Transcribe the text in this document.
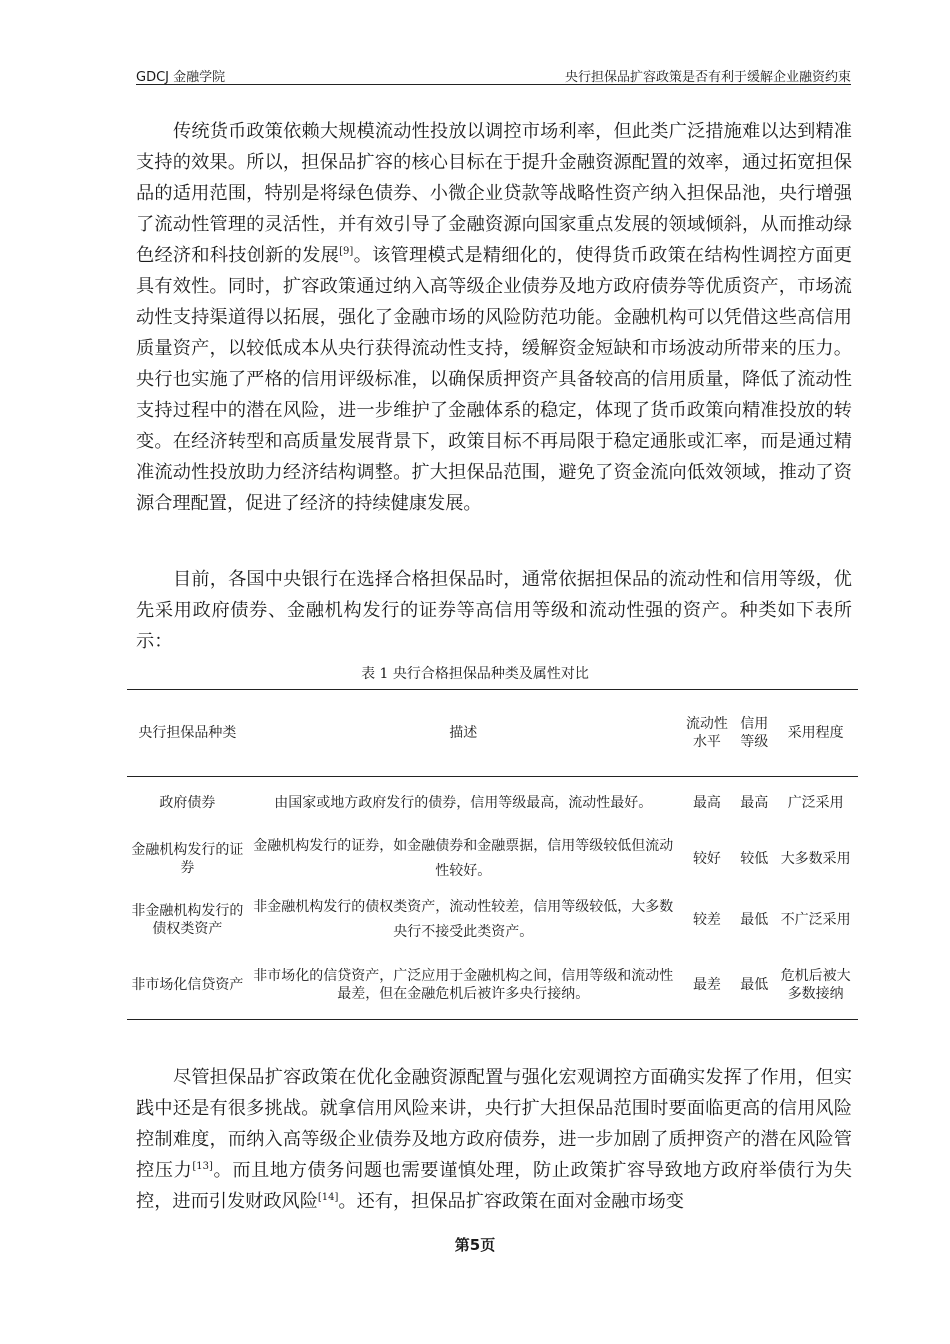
GDCJ 金融学院	央行担保品扩容政策是否有利于缓解企业融资约束

传统货币政策依赖大规模流动性投放以调控市场利率，但此类广泛措施难以达到精准支持的效果。所以，担保品扩容的核心目标在于提升金融资源配置的效率，通过拓宽担保品的适用范围，特别是将绿色债券、小微企业贷款等战略性资产纳入担保品池，央行增强了流动性管理的灵活性，并有效引导了金融资源向国家重点发展的领域倾斜，从而推动绿色经济和科技创新的发展[9]。该管理模式是精细化的，使得货币政策在结构性调控方面更具有效性。同时，扩容政策通过纳入高等级企业债券及地方政府债券等优质资产，市场流动性支持渠道得以拓展，强化了金融市场的风险防范功能。金融机构可以凭借这些高信用质量资产，以较低成本从央行获得流动性支持，缓解资金短缺和市场波动所带来的压力。央行也实施了严格的信用评级标准，以确保质押资产具备较高的信用质量，降低了流动性支持过程中的潜在风险，进一步维护了金融体系的稳定，体现了货币政策向精准投放的转变。在经济转型和高质量发展背景下，政策目标不再局限于稳定通胀或汇率，而是通过精准流动性投放助力经济结构调整。扩大担保品范围，避免了资金流向低效领域，推动了资源合理配置，促进了经济的持续健康发展。

目前，各国中央银行在选择合格担保品时，通常依据担保品的流动性和信用等级，优先采用政府债券、金融机构发行的证券等高信用等级和流动性强的资产。种类如下表所示：

表 1 央行合格担保品种类及属性对比
央行担保品种类	描述	流动性水平	信用等级	采用程度
政府债券	由国家或地方政府发行的债券，信用等级最高，流动性最好。	最高	最高	广泛采用
金融机构发行的证券	金融机构发行的证券，如金融债券和金融票据，信用等级较低但流动性较好。	较好	较低	大多数采用
非金融机构发行的债权类资产	非金融机构发行的债权类资产，流动性较差，信用等级较低，大多数央行不接受此类资产。	较差	最低	不广泛采用
非市场化信贷资产	非市场化的信贷资产，广泛应用于金融机构之间，信用等级和流动性最差，但在金融危机后被许多央行接纳。	最差	最低	危机后被大多数接纳

尽管担保品扩容政策在优化金融资源配置与强化宏观调控方面确实发挥了作用，但实践中还是有很多挑战。就拿信用风险来讲，央行扩大担保品范围时要面临更高的信用风险控制难度，而纳入高等级企业债券及地方政府债券，进一步加剧了质押资产的潜在风险管控压力[13]。而且地方债务问题也需要谨慎处理，防止政策扩容导致地方政府举债行为失控，进而引发财政风险[14]。还有，担保品扩容政策在面对金融市场变

第5页
